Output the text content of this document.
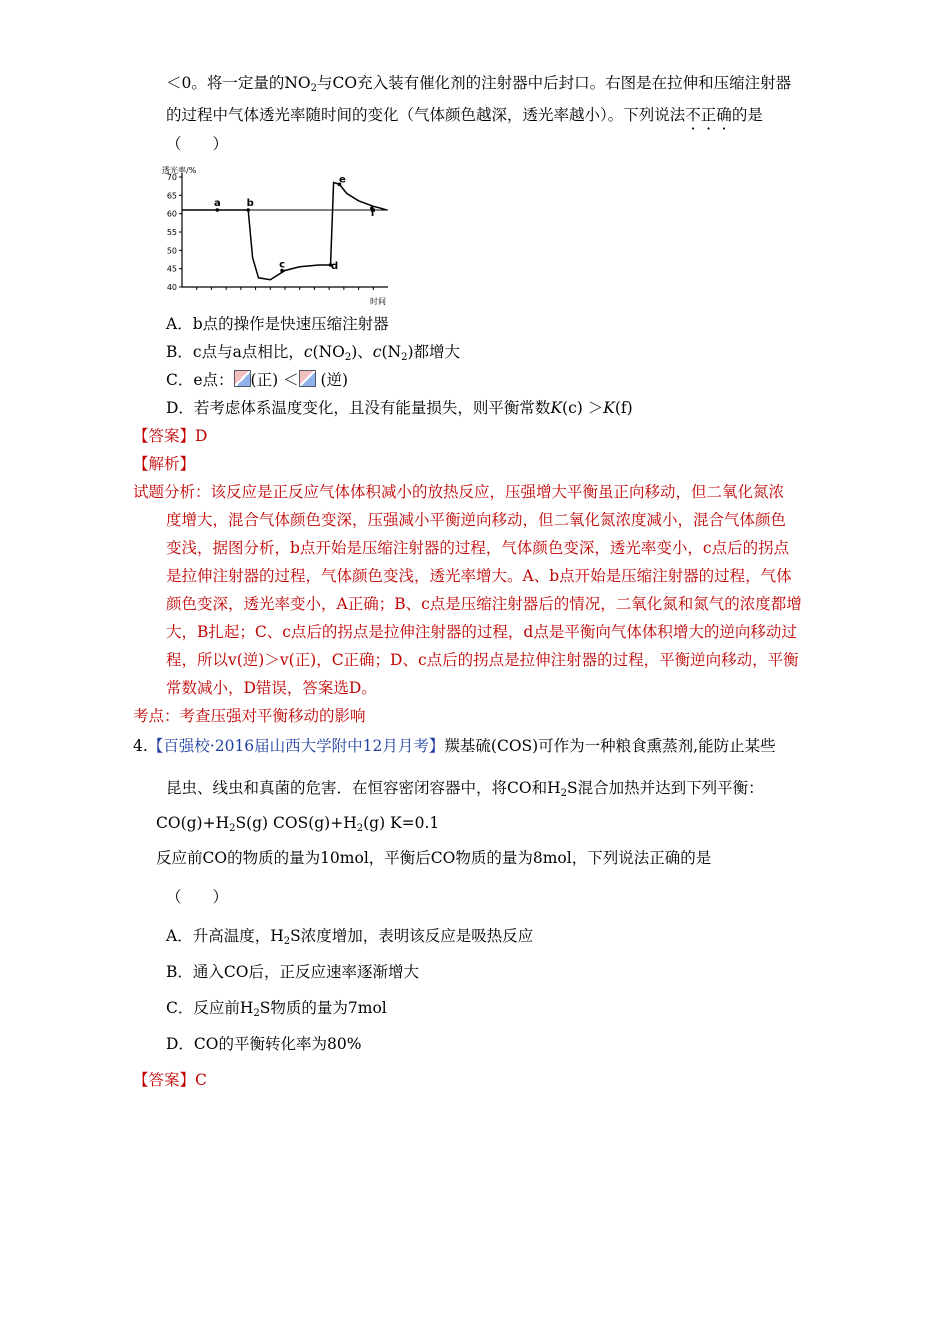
＜0。将一定量的$NO_2$与CO充入装有催化剂的注射器中后封口。右图是在拉伸和压缩注射器
的过程中气体透光率随时间的变化（气体颜色越深，透光率越小）。下列说法不正确的是
（　　）
透光率/%
40
45
50
55
60
65
70
a	b
c	d
e
f
时间
A．b点的操作是快速压缩注射器
B．c点与a点相比，$c(NO_2)$、$c(N_2)$都增大
C．e点： (正) ＜ (逆)
D．若考虑体系温度变化，且没有能量损失，则平衡常数K(c) ＞K(f)
【答案】D
【解析】
试题分析：该反应是正反应气体体积减小的放热反应，压强增大平衡虽正向移动，但二氧化氮浓
度增大，混合气体颜色变深，压强减小平衡逆向移动，但二氧化氮浓度减小，混合气体颜色
变浅，据图分析，b点开始是压缩注射器的过程，气体颜色变深，透光率变小，c点后的拐点
是拉伸注射器的过程，气体颜色变浅，透光率增大。A、b点开始是压缩注射器的过程，气体
颜色变深，透光率变小，A正确；B、c点是压缩注射器后的情况，二氧化氮和氮气的浓度都增
大，B扎起；C、c点后的拐点是拉伸注射器的过程，d点是平衡向气体体积增大的逆向移动过
程，所以v(逆)＞v(正)，C正确；D、c点后的拐点是拉伸注射器的过程，平衡逆向移动，平衡
常数减小，D错误，答案选D。
考点：考查压强对平衡移动的影响
4.【百强校·2016届山西大学附中12月月考】羰基硫(COS)可作为一种粮食熏蒸剂,能防止某些
昆虫、线虫和真菌的危害．在恒容密闭容器中，将CO和$H_2S$混合加热并达到下列平衡：
$CO(g)+H_2S(g)$ $COS(g)+H_2(g)$ K=0.1
反应前CO的物质的量为10mol，平衡后CO物质的量为8mol，下列说法正确的是
（　　）
A．升高温度，$H_2S$浓度增加，表明该反应是吸热反应
B．通入CO后，正反应速率逐渐增大
C．反应前$H_2S$物质的量为7mol
D．CO的平衡转化率为80%
【答案】C
